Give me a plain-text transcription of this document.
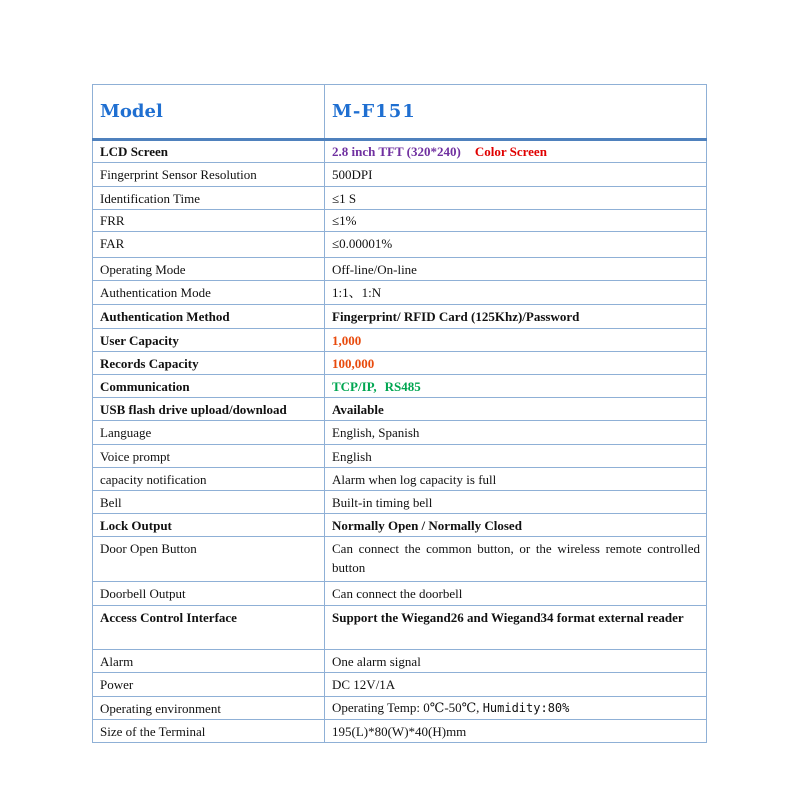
Model	M-F151
LCD Screen	2.8 inch TFT (320*240) Color Screen
Fingerprint Sensor Resolution	500DPI
Identification Time	≤1 S
FRR	≤1%
FAR	≤0.00001%
Operating Mode	Off-line/On-line
Authentication Mode	1:1、1:N
Authentication Method	Fingerprint/ RFID Card (125Khz)/Password
User Capacity	1,000
Records Capacity	100,000
Communication	TCP/IP, RS485
USB flash drive upload/download	Available
Language	English, Spanish
Voice prompt	English
capacity notification	Alarm when log capacity is full
Bell	Built-in timing bell
Lock Output	Normally Open / Normally Closed
Door Open Button	Can connect the common button, or the wireless remote controlled button
Doorbell Output	Can connect the doorbell
Access Control Interface	Support the Wiegand26 and Wiegand34 format external reader
Alarm	One alarm signal
Power	DC 12V/1A
Operating environment	Operating Temp: 0℃-50℃, Humidity:80%
Size of the Terminal	195(L)*80(W)*40(H)mm
